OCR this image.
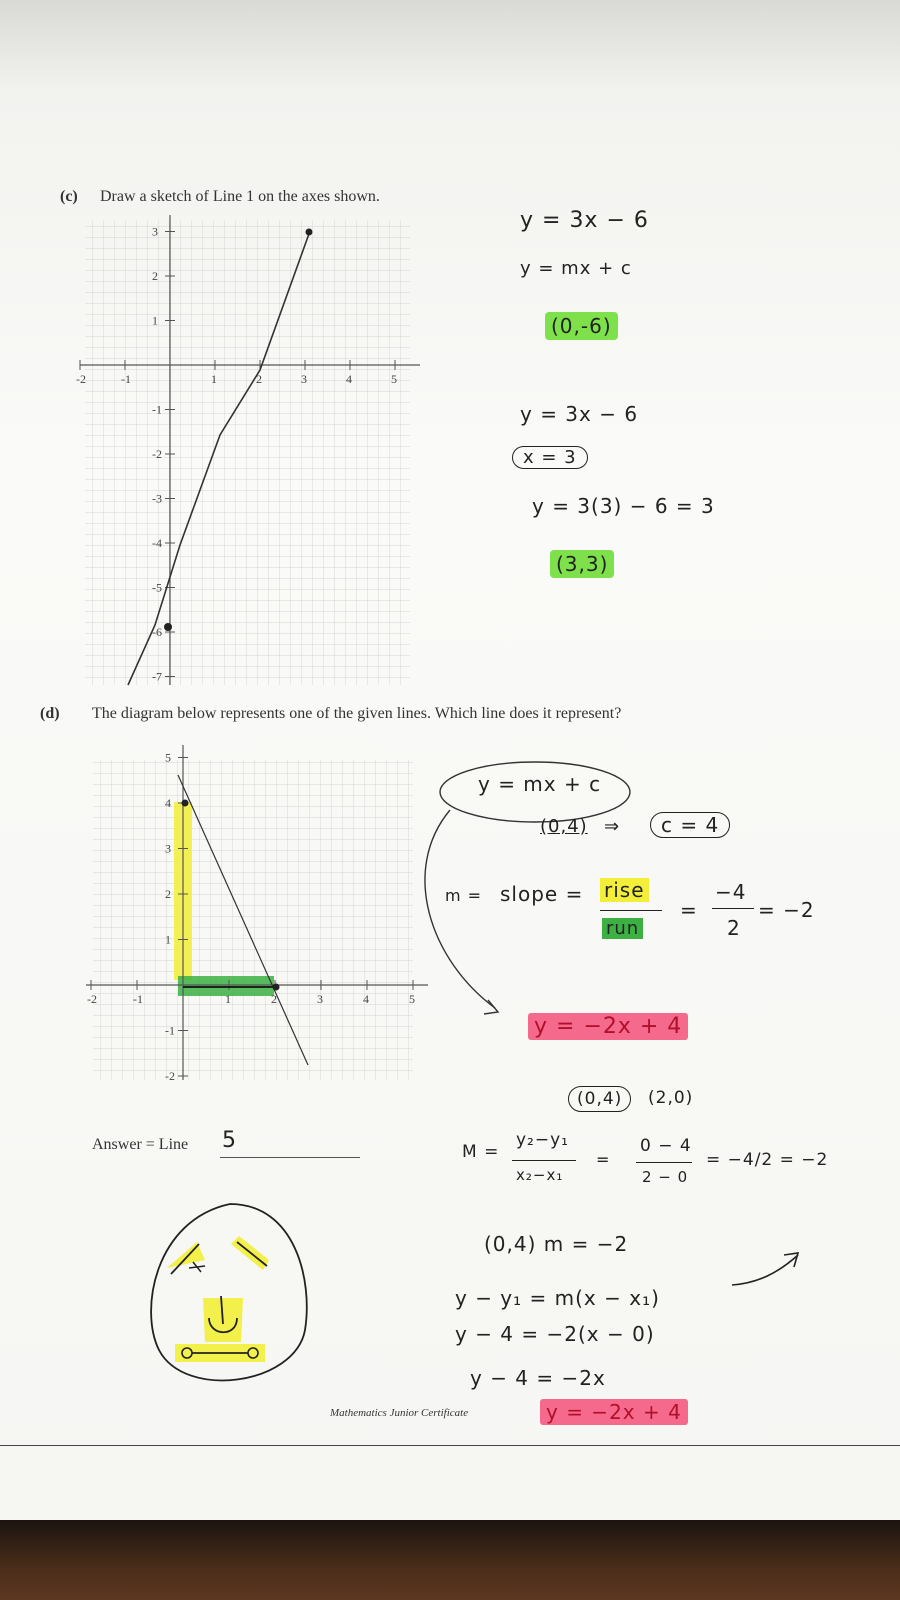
(c) Draw a sketch of Line 1 on the axes shown.
-2	-1	1	2	3	4	5
3
2
1
-1
-2
-3
-4
-5
-6
-7
y = 3x − 6
y = mx + c
(0,-6)
y = 3x − 6
x = 3
y = 3(3) − 6 = 3
(3,3)
(d) The diagram below represents one of the given lines. Which line does it represent?
-2	-1	1	2	3	4	5
5
4
3
2
1
-1
-2
Answer = Line 5
y = mx + c
(0,4) ⇒	c = 4
m = slope = rise
run
=
−4
2
= −2
y = −2x + 4
(0,4)	(2,0)
M =
y₂−y₁
x₂−x₁
=
0 − 4
2 − 0
= −4/2 = −2
(0,4) m = −2
y − y₁ = m(x − x₁)
y − 4 = −2(x − 0)
y − 4 = −2x
y = −2x + 4
Mathematics Junior Certificate
